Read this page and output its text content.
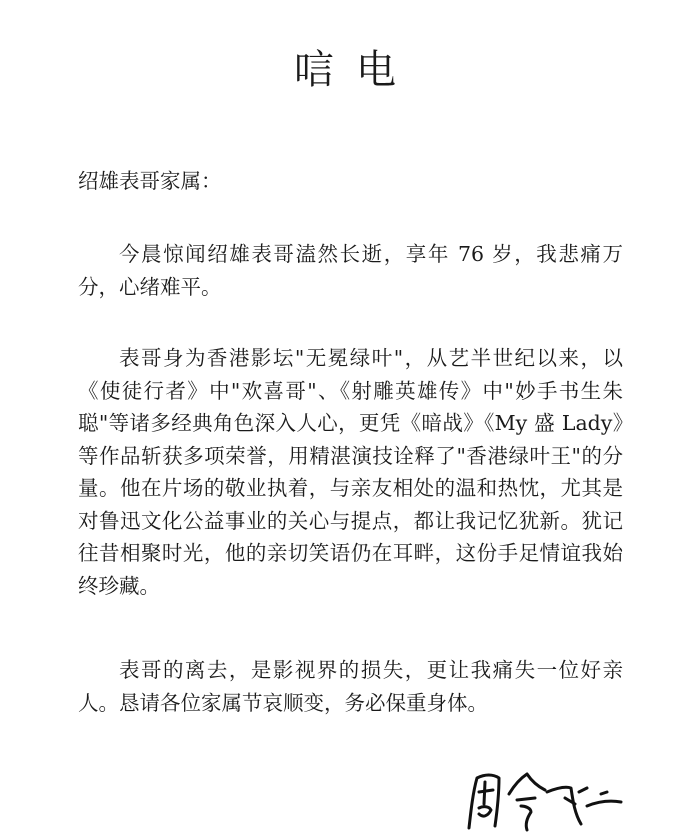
唁电

绍雄表哥家属：

今晨惊闻绍雄表哥溘然长逝，享年 76 岁，我悲痛万分，心绪难平。

表哥身为香港影坛"无冕绿叶"，从艺半世纪以来，以《使徒行者》中"欢喜哥"、《射雕英雄传》中"妙手书生朱聪"等诸多经典角色深入人心，更凭《暗战》《My 盛 Lady》等作品斩获多项荣誉，用精湛演技诠释了"香港绿叶王"的分量。他在片场的敬业执着，与亲友相处的温和热忱，尤其是对鲁迅文化公益事业的关心与提点，都让我记忆犹新。犹记往昔相聚时光，他的亲切笑语仍在耳畔，这份手足情谊我始终珍藏。

表哥的离去，是影视界的损失，更让我痛失一位好亲人。恳请各位家属节哀顺变，务必保重身体。
